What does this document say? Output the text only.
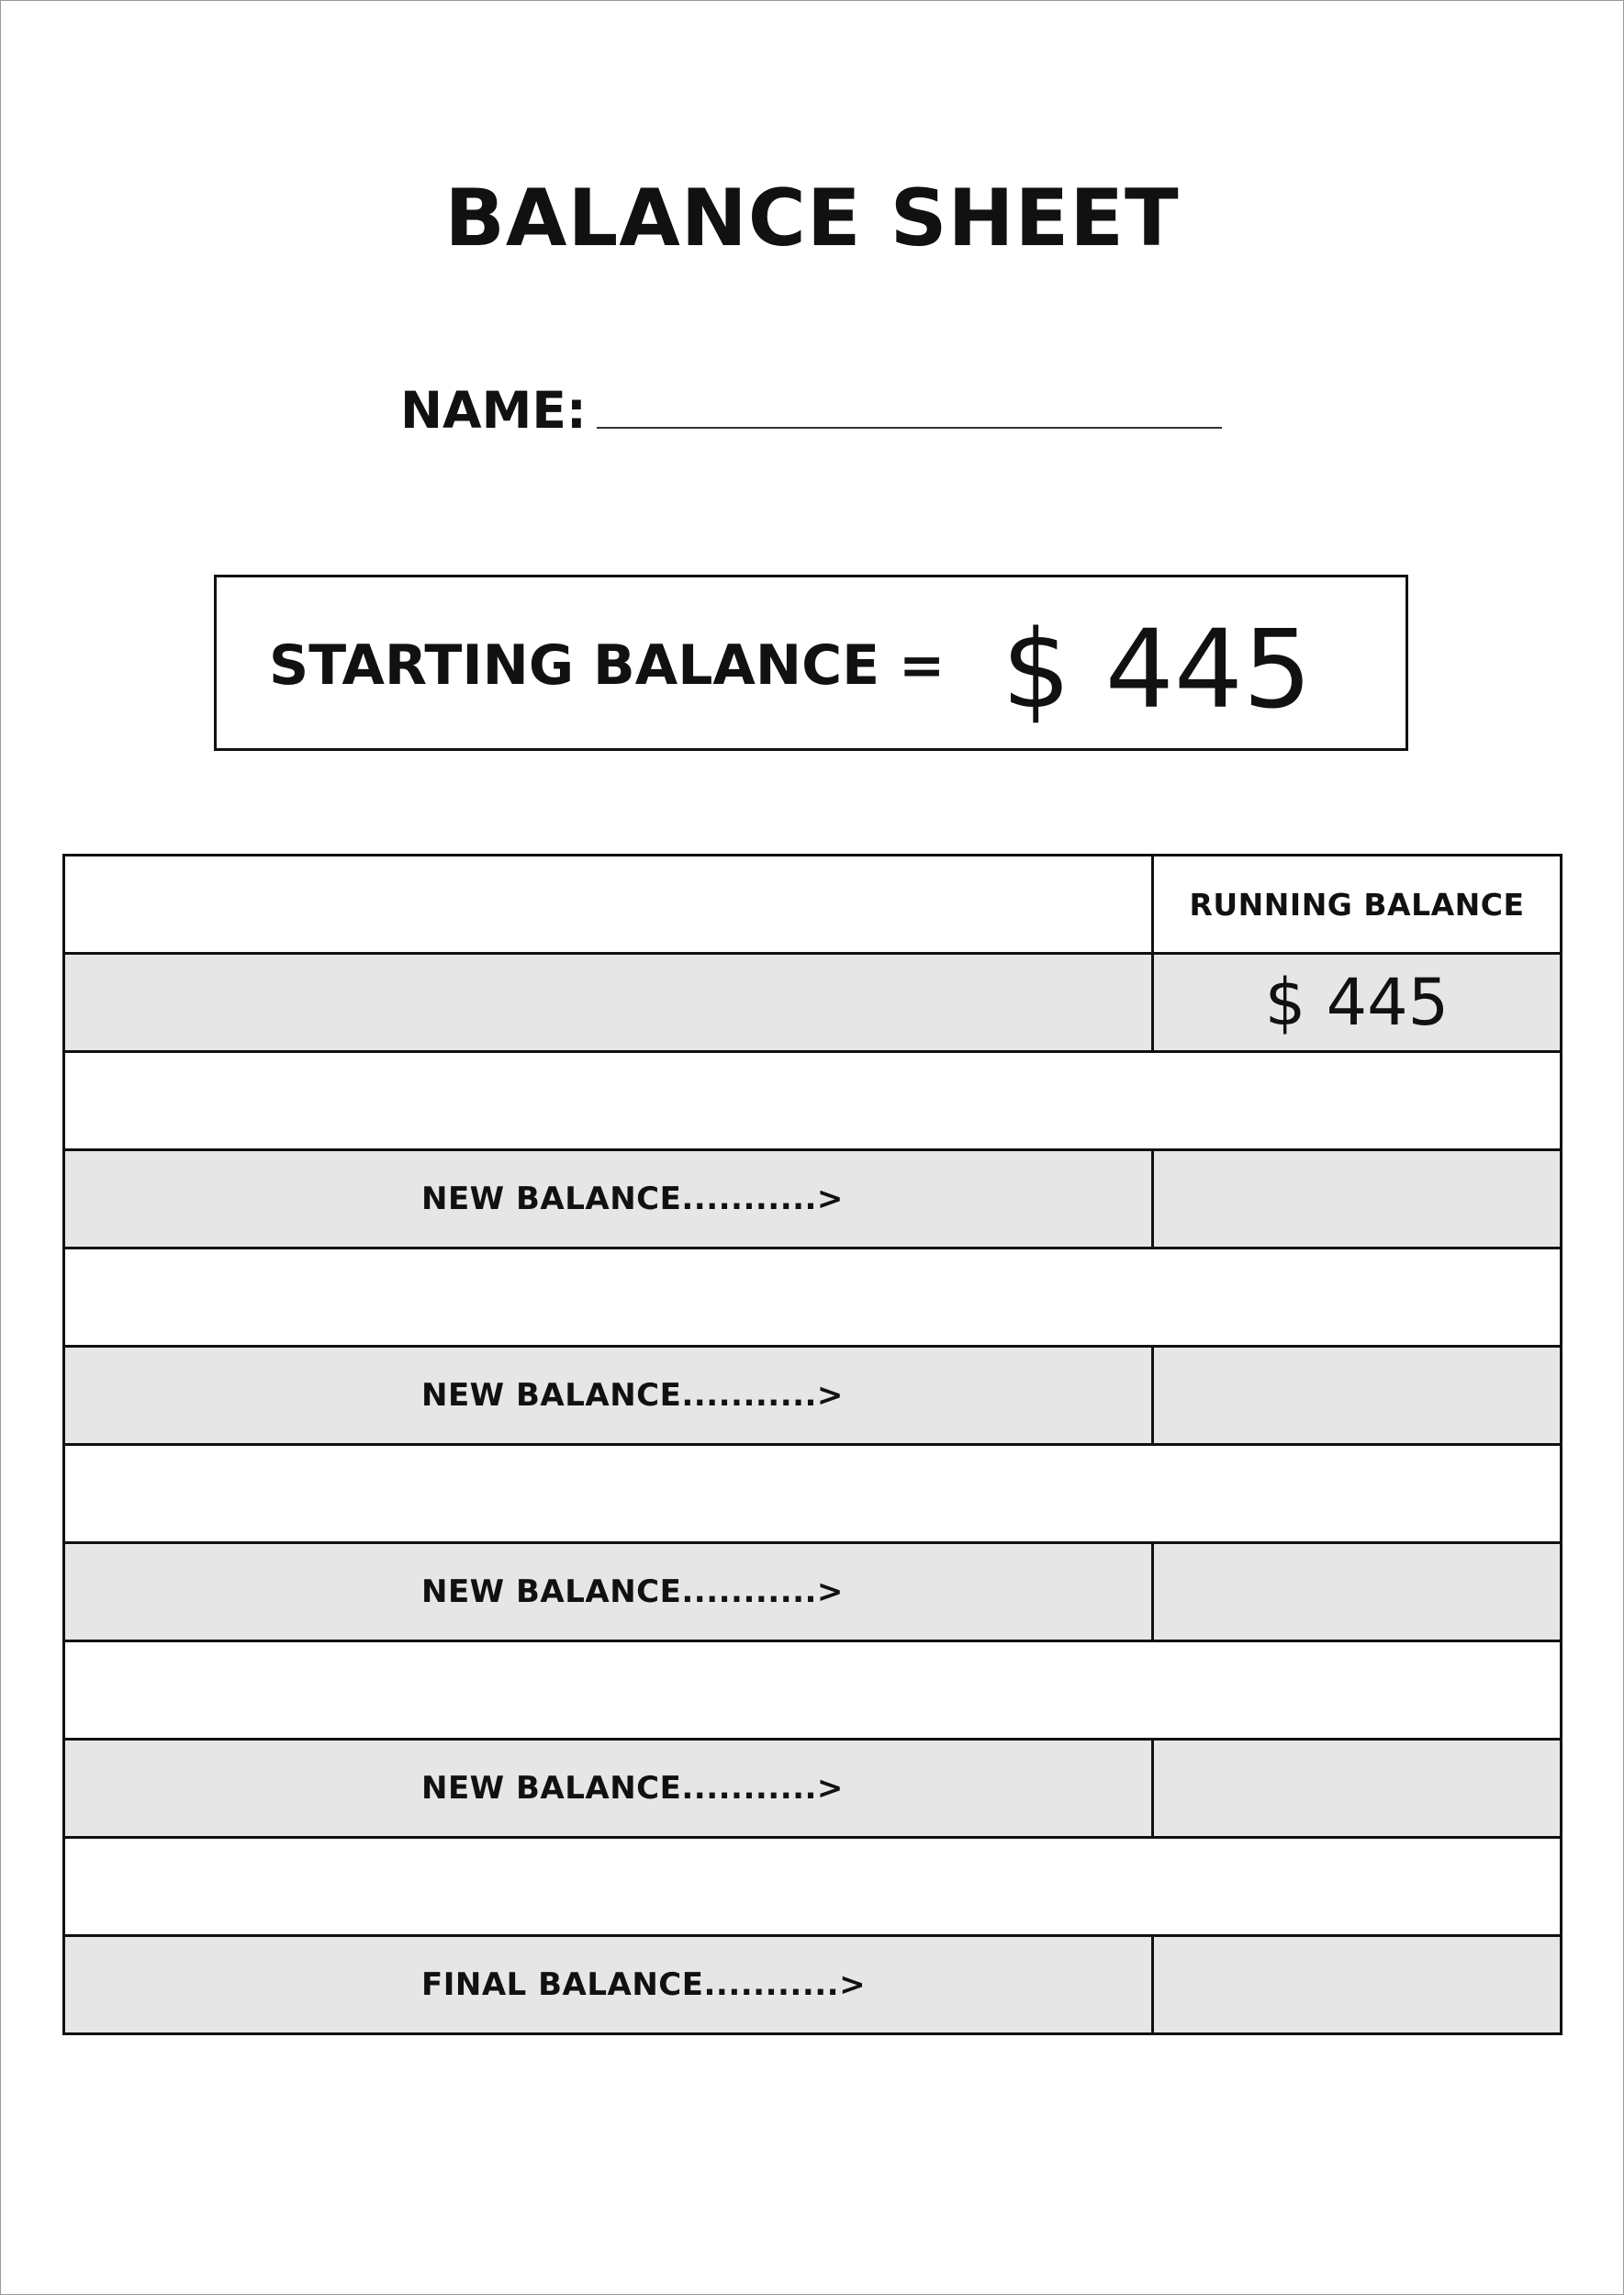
BALANCE SHEET
NAME:
STARTING BALANCE = $ 445
RUNNING BALANCE
$ 445
NEW BALANCE...........>
NEW BALANCE...........>
NEW BALANCE...........>
NEW BALANCE...........>
FINAL BALANCE...........>
